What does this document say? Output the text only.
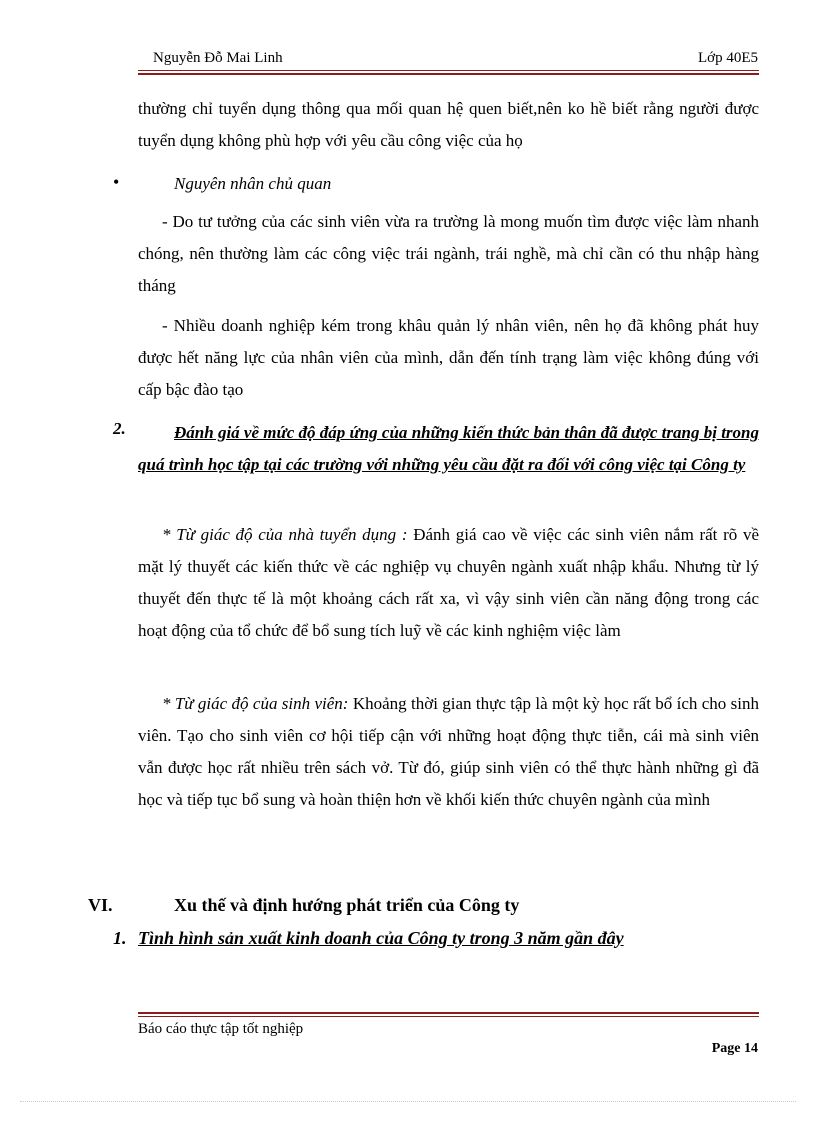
Nguyễn Đỗ Mai Linh	Lớp 40E5
thường chỉ tuyển dụng thông qua mối quan hệ quen biết,nên ko hề biết rằng người được tuyển dụng không phù hợp với yêu cầu công việc của họ
•	Nguyên nhân chủ quan
- Do tư tưởng của các sinh viên vừa ra trường là mong muốn tìm được việc làm nhanh chóng, nên thường làm các công việc trái ngành, trái nghề, mà chỉ cần có thu nhập hàng tháng
- Nhiều doanh nghiệp kém trong khâu quản lý nhân viên, nên họ đã không phát huy được hết năng lực của nhân viên của mình, dẫn đến tính trạng làm việc không đúng với cấp bậc đào tạo
2.	Đánh giá về mức độ đáp ứng của những kiến thức bản thân đã được trang bị trong quá trình học tập tại các trường với những yêu cầu đặt ra đối với công việc tại Công ty
* Từ giác độ của nhà tuyển dụng : Đánh giá cao về việc các sinh viên nắm rất rõ về mặt lý thuyết các kiến thức về các nghiệp vụ chuyên ngành xuất nhập khẩu. Nhưng từ lý thuyết đến thực tế là một khoảng cách rất xa, vì vậy sinh viên cần năng động trong các hoạt động của tổ chức để bổ sung tích luỹ về các kinh nghiệm việc làm
* Từ giác độ của sinh viên: Khoảng thời gian thực tập là một kỳ học rất bổ ích cho sinh viên. Tạo cho sinh viên cơ hội tiếp cận với những hoạt động thực tiễn, cái mà sinh viên vẫn được học rất nhiều trên sách vở. Từ đó, giúp sinh viên có thể thực hành những gì đã học và tiếp tục bổ sung và hoàn thiện hơn về khối kiến thức chuyên ngành của mình
VI.	Xu thế và định hướng phát triển của Công ty
1. Tình hình sản xuất kinh doanh của Công ty trong 3 năm gần đây
Báo cáo thực tập tốt nghiệp
Page 14
